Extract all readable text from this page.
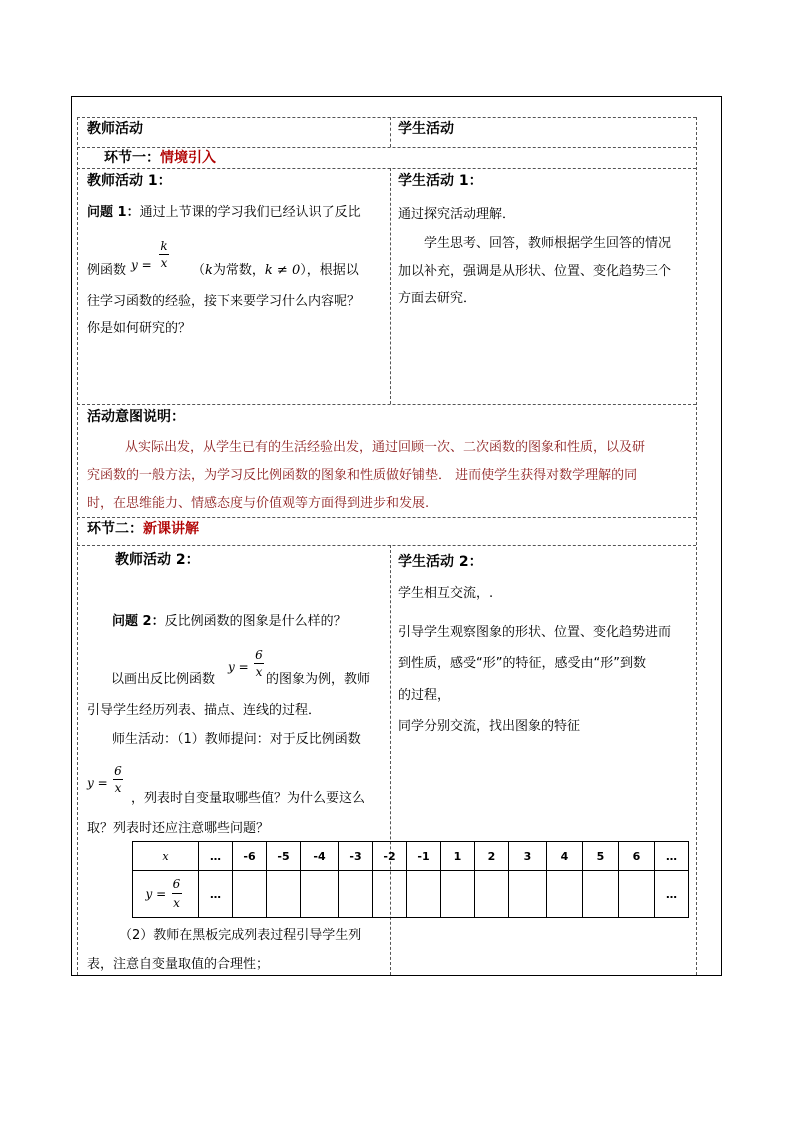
教师活动	学生活动
环节一：情境引入
教师活动 1：
问题 1：通过上节课的学习我们已经认识了反比
例函数 y =
k
x （k为常数，k ≠ 0），根据以
往学习函数的经验，接下来要学习什么内容呢？
你是如何研究的？
学生活动 1：
通过探究活动理解．
学生思考、回答，教师根据学生回答的情况
加以补充，强调是从形状、位置、变化趋势三个
方面去研究．
活动意图说明：
从实际出发，从学生已有的生活经验出发，通过回顾一次、二次函数的图象和性质，以及研
究函数的一般方法，为学习反比例函数的图象和性质做好铺垫． 进而使学生获得对数学理解的同
时，在思维能力、情感态度与价值观等方面得到进步和发展.
环节二：新课讲解
教师活动 2：
问题 2：反比例函数的图象是什么样的？
以画出反比例函数
y =
6
x 的图象为例，教师
引导学生经历列表、描点、连线的过程．
师生活动：（1）教师提问：对于反比例函数
y =
6
x
，列表时自变量取哪些值？为什么要这么
取？列表时还应注意哪些问题？
（2）教师在黑板完成列表过程引导学生列
表，注意自变量取值的合理性；
学生活动 2：
学生相互交流，.
引导学生观察图象的形状、位置、变化趋势进而
到性质，感受“形”的特征，感受由“形”到数
的过程，
同学分别交流，找出图象的特征
x	…	-6	-5	-4	-3	-2	-1	1	2	3	4	5	6	…

y =
6
x	…													…
